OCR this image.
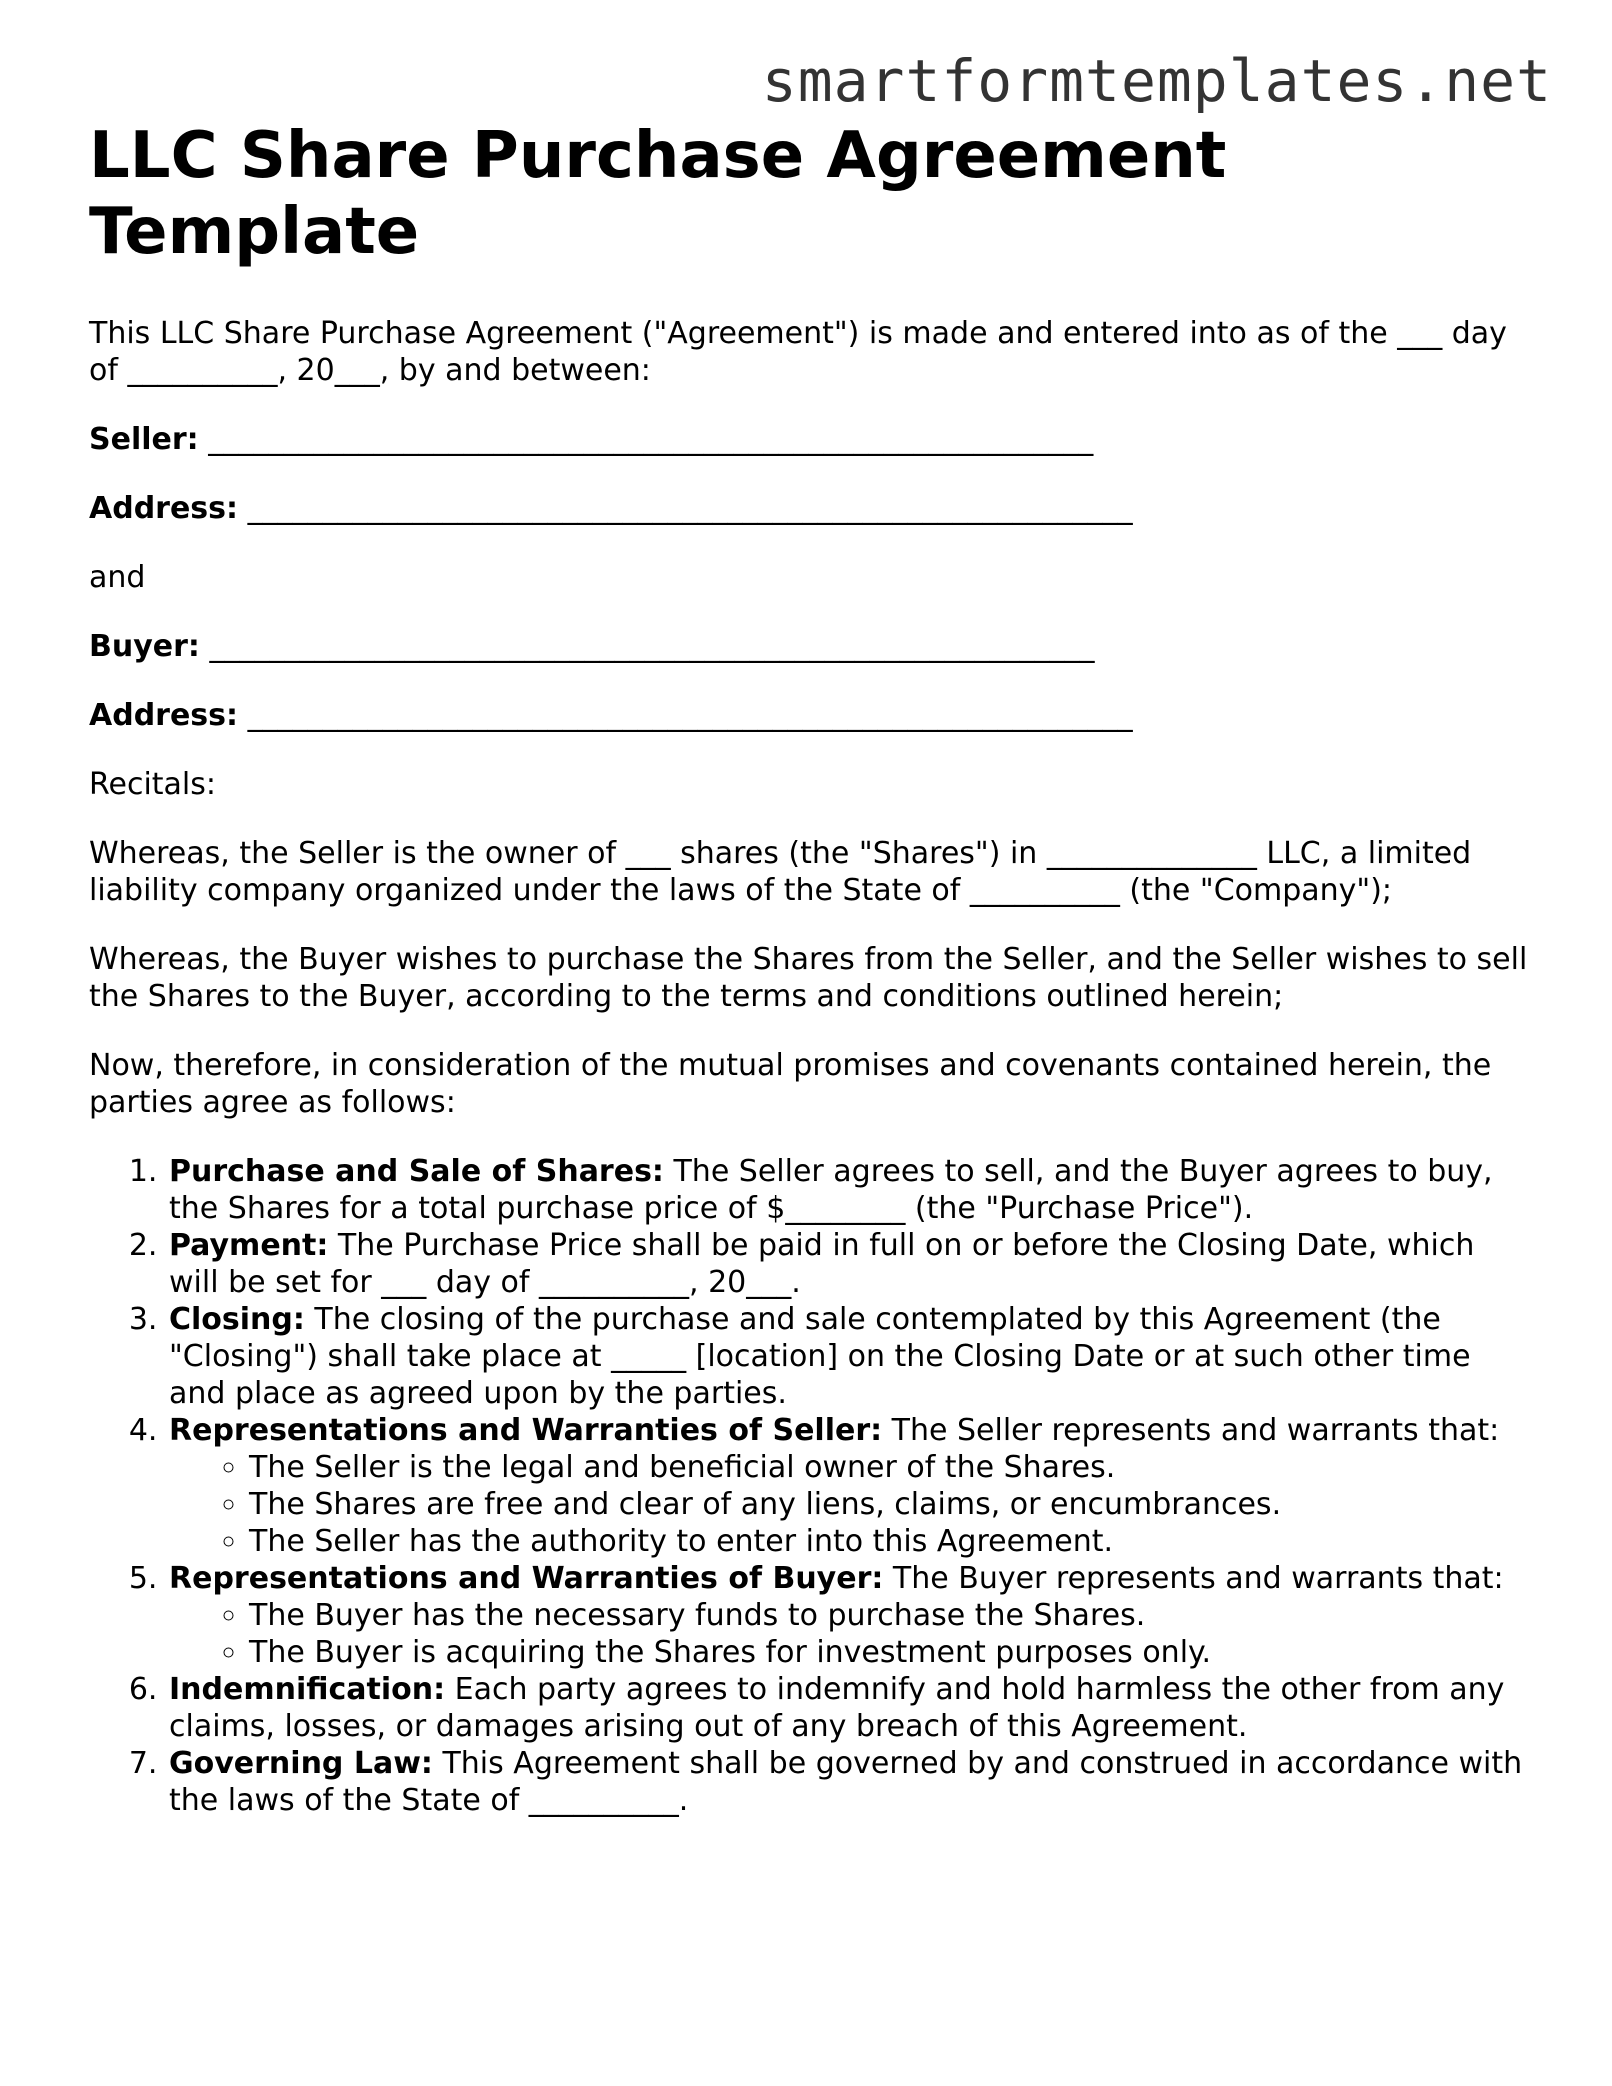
smartformtemplates.net
LLC Share Purchase Agreement Template

This LLC Share Purchase Agreement ("Agreement") is made and entered into as of the ___ day of __________, 20___, by and between:

Seller: ___________________________________________________________
Address: ___________________________________________________________

and

Buyer: ___________________________________________________________
Address: ___________________________________________________________

Recitals:

Whereas, the Seller is the owner of ___ shares (the "Shares") in ______________ LLC, a limited liability company organized under the laws of the State of __________ (the "Company");

Whereas, the Buyer wishes to purchase the Shares from the Seller, and the Seller wishes to sell the Shares to the Buyer, according to the terms and conditions outlined herein;

Now, therefore, in consideration of the mutual promises and covenants contained herein, the parties agree as follows:

1. Purchase and Sale of Shares: The Seller agrees to sell, and the Buyer agrees to buy, the Shares for a total purchase price of $________ (the "Purchase Price").
2. Payment: The Purchase Price shall be paid in full on or before the Closing Date, which will be set for ___ day of __________, 20___.
3. Closing: The closing of the purchase and sale contemplated by this Agreement (the "Closing") shall take place at _____ [location] on the Closing Date or at such other time and place as agreed upon by the parties.
4. Representations and Warranties of Seller: The Seller represents and warrants that:
◦ The Seller is the legal and beneficial owner of the Shares.
◦ The Shares are free and clear of any liens, claims, or encumbrances.
◦ The Seller has the authority to enter into this Agreement.
5. Representations and Warranties of Buyer: The Buyer represents and warrants that:
◦ The Buyer has the necessary funds to purchase the Shares.
◦ The Buyer is acquiring the Shares for investment purposes only.
6. Indemnification: Each party agrees to indemnify and hold harmless the other from any claims, losses, or damages arising out of any breach of this Agreement.
7. Governing Law: This Agreement shall be governed by and construed in accordance with the laws of the State of __________.
